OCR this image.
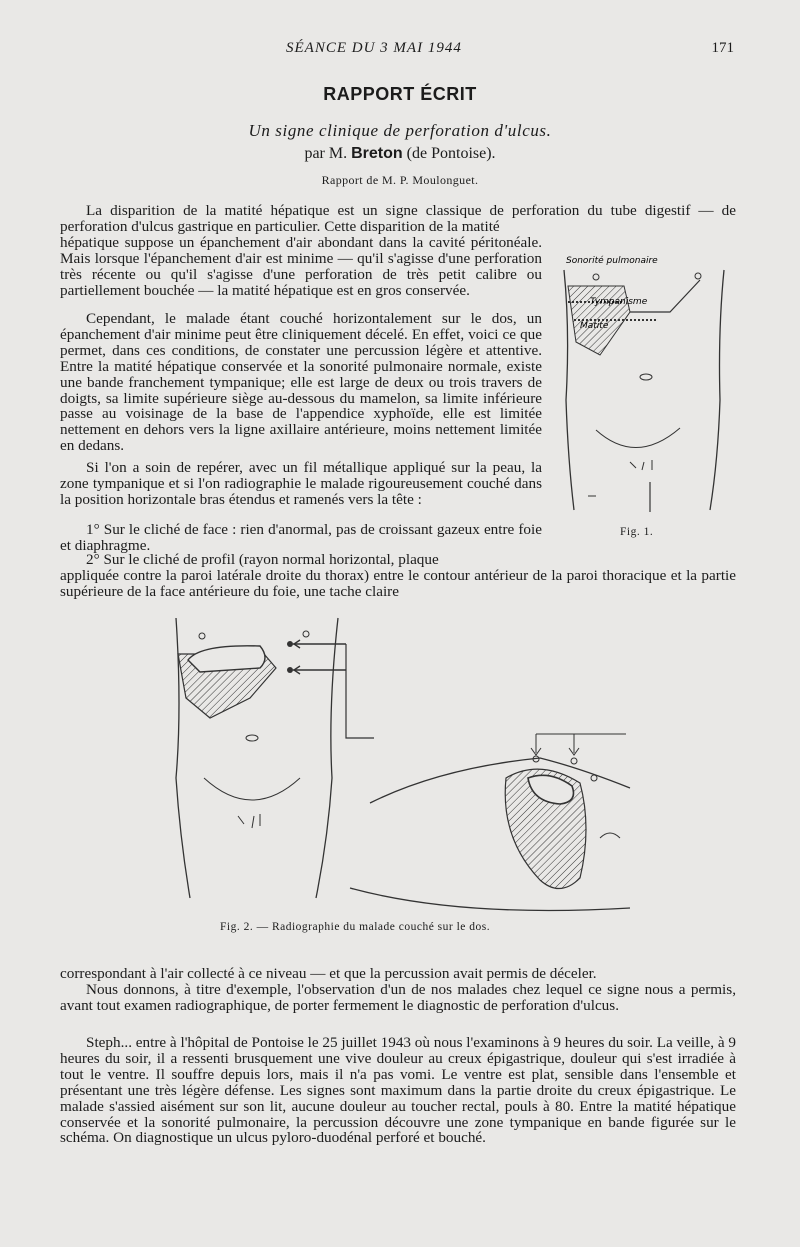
SÉANCE DU 3 MAI 1944	171
RAPPORT ÉCRIT
Un signe clinique de perforation d'ulcus.
par M. Breton (de Pontoise).
Rapport de M. P. Moulonguet.

La disparition de la matité hépatique est un signe classique de perforation du tube digestif — de perforation d'ulcus gastrique en particulier. Cette disparition de la matité

hépatique suppose un épanchement d'air abondant dans la cavité péritonéale. Mais lorsque l'épanchement d'air est minime — qu'il s'agisse d'une perforation très récente ou qu'il s'agisse d'une perforation de très petit calibre ou partiellement bouchée — la matité hépatique est en gros conservée.

Cependant, le malade étant couché horizontalement sur le dos, un épanchement d'air minime peut être cliniquement décelé. En effet, voici ce que permet, dans ces conditions, de constater une percussion légère et attentive. Entre la matité hépatique conservée et la sonorité pulmonaire normale, existe une bande franchement tympanique; elle est large de deux ou trois travers de doigts, sa limite supérieure siège au-dessous du mamelon, sa limite inférieure passe au voisinage de la base de l'appendice xyphoïde, elle est limitée nettement en dehors vers la ligne axillaire antérieure, moins nettement limitée en dedans.

Si l'on a soin de repérer, avec un fil métallique appliqué sur la peau, la zone tympanique et si l'on radiographie le malade rigoureusement couché dans la position horizontale bras étendus et ramenés vers la tête :

1° Sur le cliché de face : rien d'anormal, pas de croissant gazeux entre foie et diaphragme.

2° Sur le cliché de profil (rayon normal horizontal, plaque

appliquée contre la paroi latérale droite du thorax) entre le contour antérieur de la paroi thoracique et la partie supérieure de la face antérieure du foie, une tache claire

Sonorité pulmonaire
Tympanisme
Matité
Fig. 1.
Fig. 2. — Radiographie du malade couché sur le dos.

correspondant à l'air collecté à ce niveau — et que la percussion avait permis de déceler.

Nous donnons, à titre d'exemple, l'observation d'un de nos malades chez lequel ce signe nous a permis, avant tout examen radiographique, de porter fermement le diagnostic de perforation d'ulcus.

Steph... entre à l'hôpital de Pontoise le 25 juillet 1943 où nous l'examinons à 9 heures du soir. La veille, à 9 heures du soir, il a ressenti brusquement une vive douleur au creux épigastrique, douleur qui s'est irradiée à tout le ventre. Il souffre depuis lors, mais il n'a pas vomi. Le ventre est plat, sensible dans l'ensemble et présentant une très légère défense. Les signes sont maximum dans la partie droite du creux épigastrique. Le malade s'assied aisément sur son lit, aucune douleur au toucher rectal, pouls à 80. Entre la matité hépatique conservée et la sonorité pulmonaire, la percussion découvre une zone tympanique en bande figurée sur le schéma. On diagnostique un ulcus pyloro-duodénal perforé et bouché.
